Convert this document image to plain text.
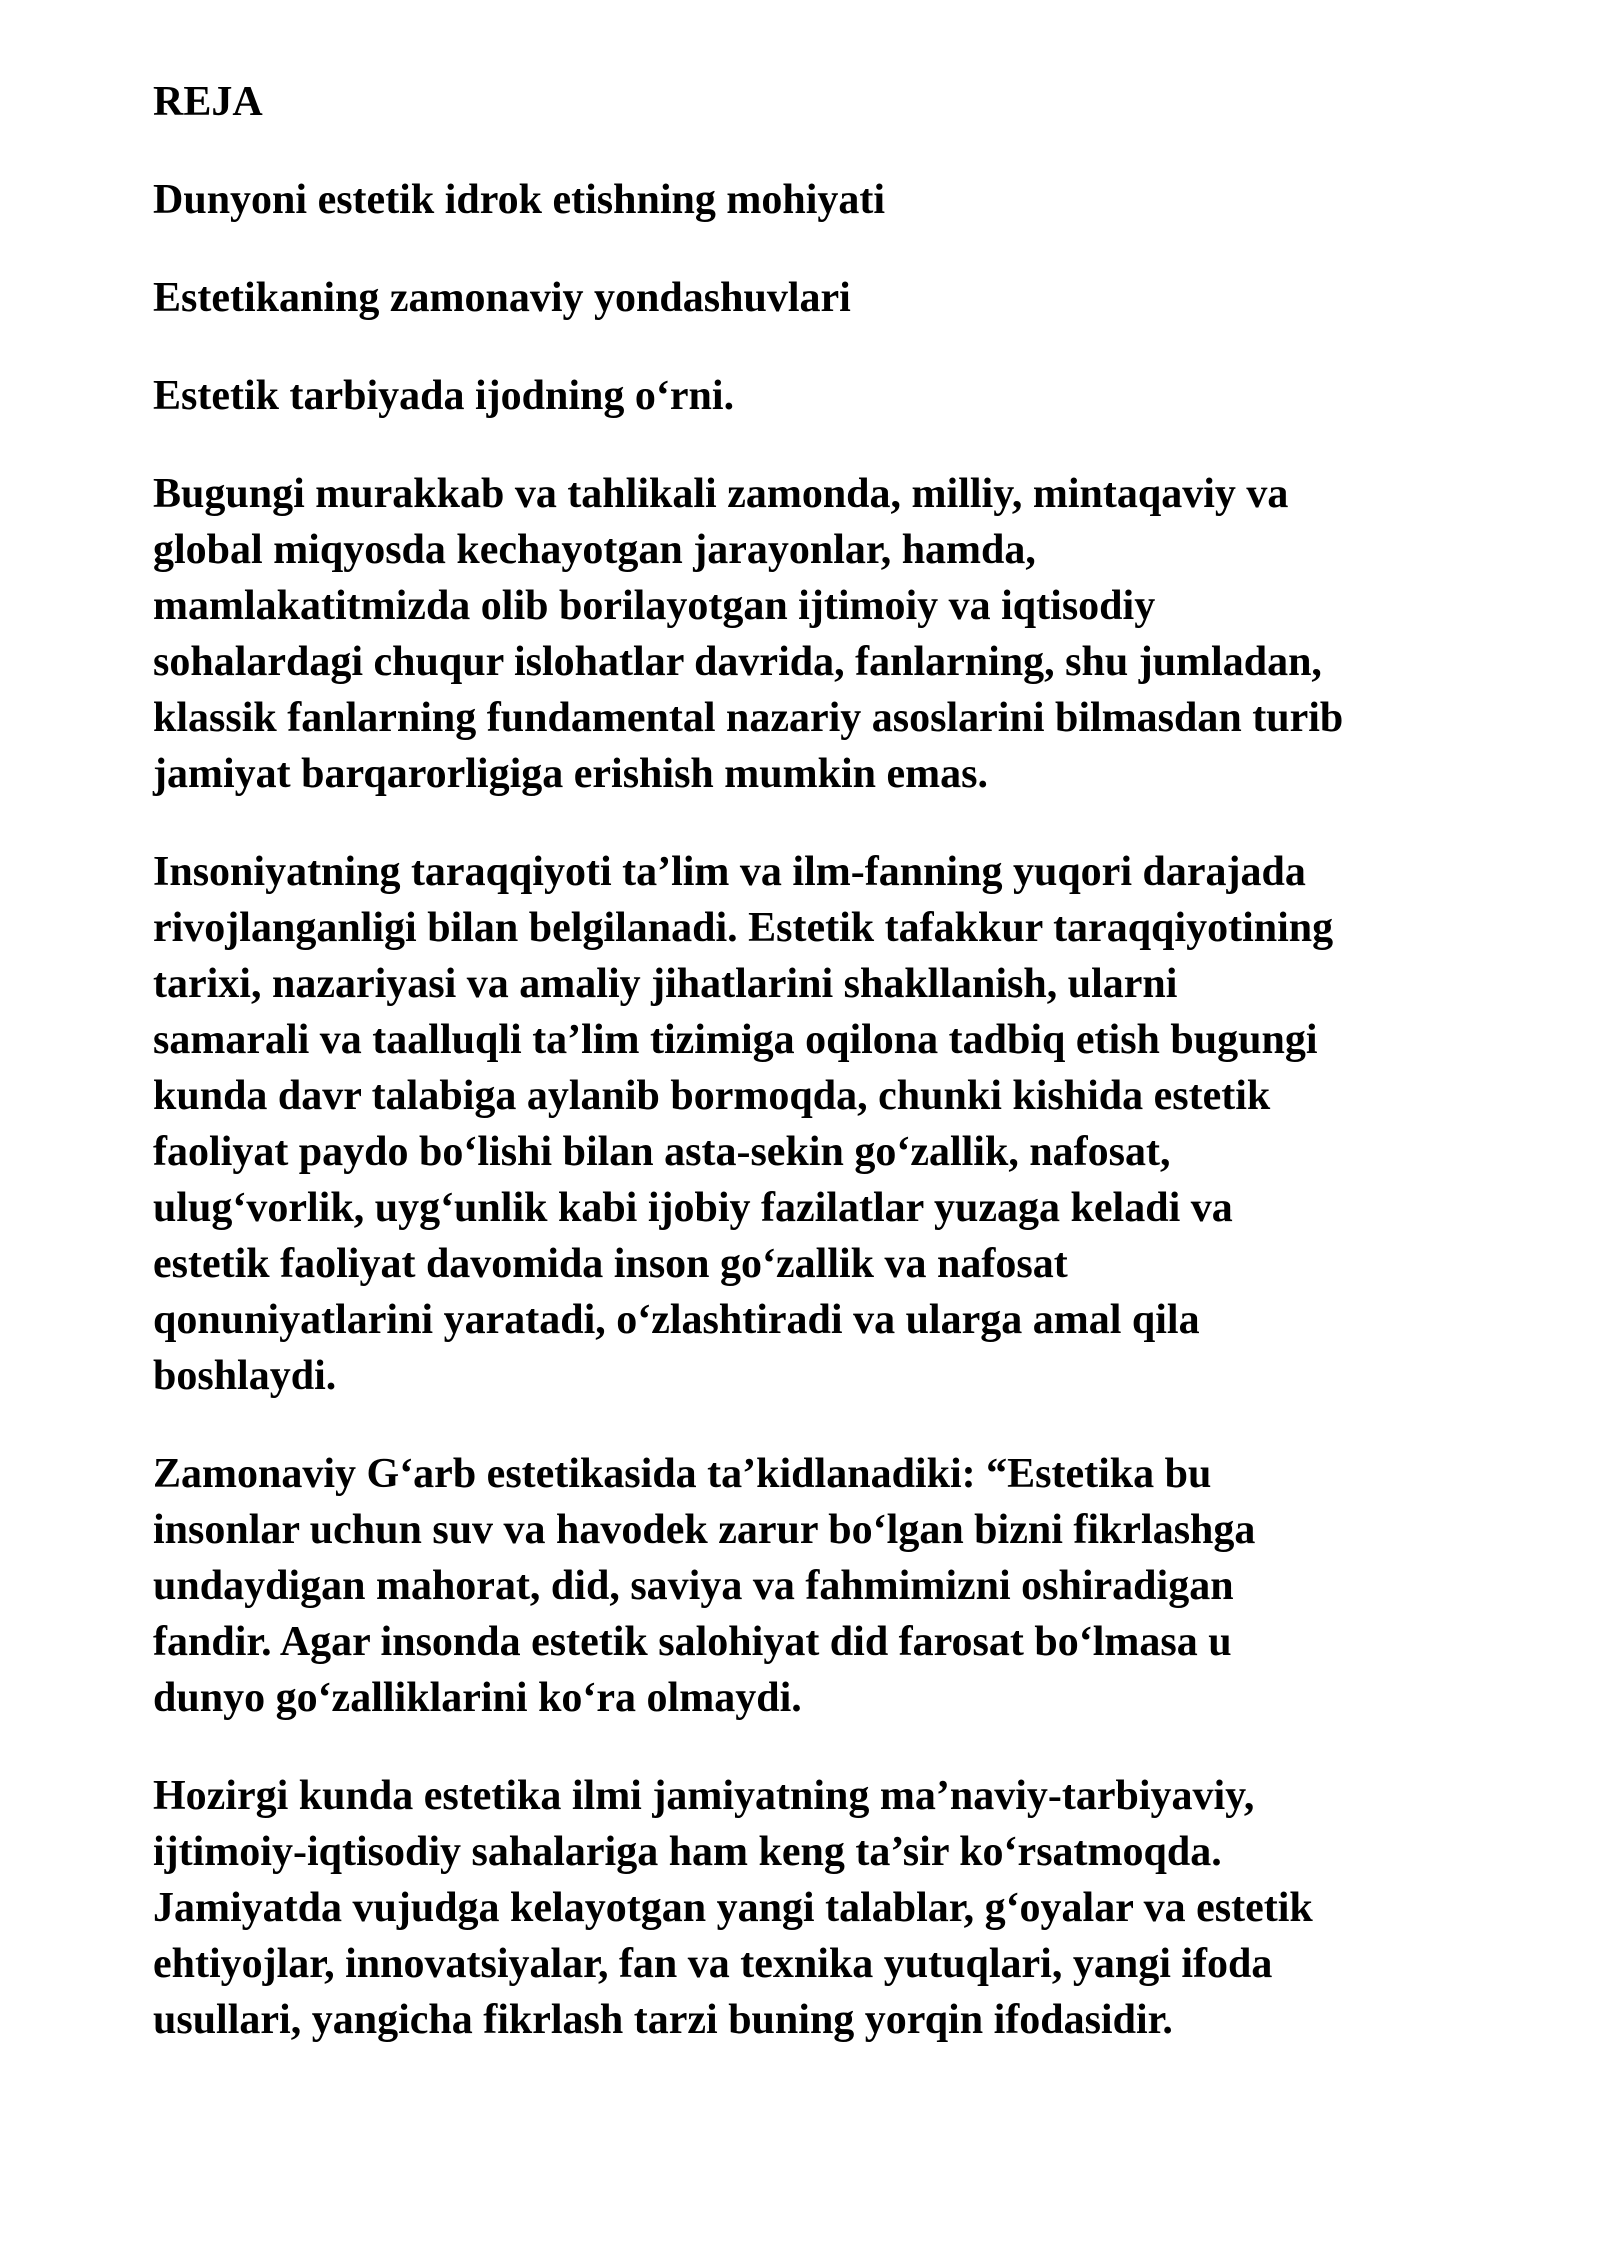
REJA
Dunyoni estetik idrok etishning mohiyati
Estetikaning zamonaviy yondashuvlari
Estetik tarbiyada ijodning o‘rni.
Bugungi murakkab va tahlikali zamonda, milliy, mintaqaviy va
global miqyosda kechayotgan jarayonlar, hamda,
mamlakatitmizda olib borilayotgan ijtimoiy va iqtisodiy
sohalardagi chuqur islohatlar davrida, fanlarning, shu jumladan,
klassik fanlarning fundamental nazariy asoslarini bilmasdan turib
jamiyat barqarorligiga erishish mumkin emas.
Insoniyatning taraqqiyoti ta’lim va ilm-fanning yuqori darajada
rivojlanganligi bilan belgilanadi. Estetik tafakkur taraqqiyotining
tarixi, nazariyasi va amaliy jihatlarini shakllanish, ularni
samarali va taalluqli ta’lim tizimiga oqilona tadbiq etish bugungi
kunda davr talabiga aylanib bormoqda, chunki kishida estetik
faoliyat paydo bo‘lishi bilan asta-sekin go‘zallik, nafosat,
ulug‘vorlik, uyg‘unlik kabi ijobiy fazilatlar yuzaga keladi va
estetik faoliyat davomida inson go‘zallik va nafosat
qonuniyatlarini yaratadi, o‘zlashtiradi va ularga amal qila
boshlaydi.
Zamonaviy G‘arb estetikasida ta’kidlanadiki: “Estetika bu
insonlar uchun suv va havodek zarur bo‘lgan bizni fikrlashga
undaydigan mahorat, did, saviya va fahmimizni oshiradigan
fandir. Agar insonda estetik salohiyat did farosat bo‘lmasa u
dunyo go‘zalliklarini ko‘ra olmaydi.
Hozirgi kunda estetika ilmi jamiyatning ma’naviy-tarbiyaviy,
ijtimoiy-iqtisodiy sahalariga ham keng ta’sir ko‘rsatmoqda.
Jamiyatda vujudga kelayotgan yangi talablar, g‘oyalar va estetik
ehtiyojlar, innovatsiyalar, fan va texnika yutuqlari, yangi ifoda
usullari, yangicha fikrlash tarzi buning yorqin ifodasidir.
